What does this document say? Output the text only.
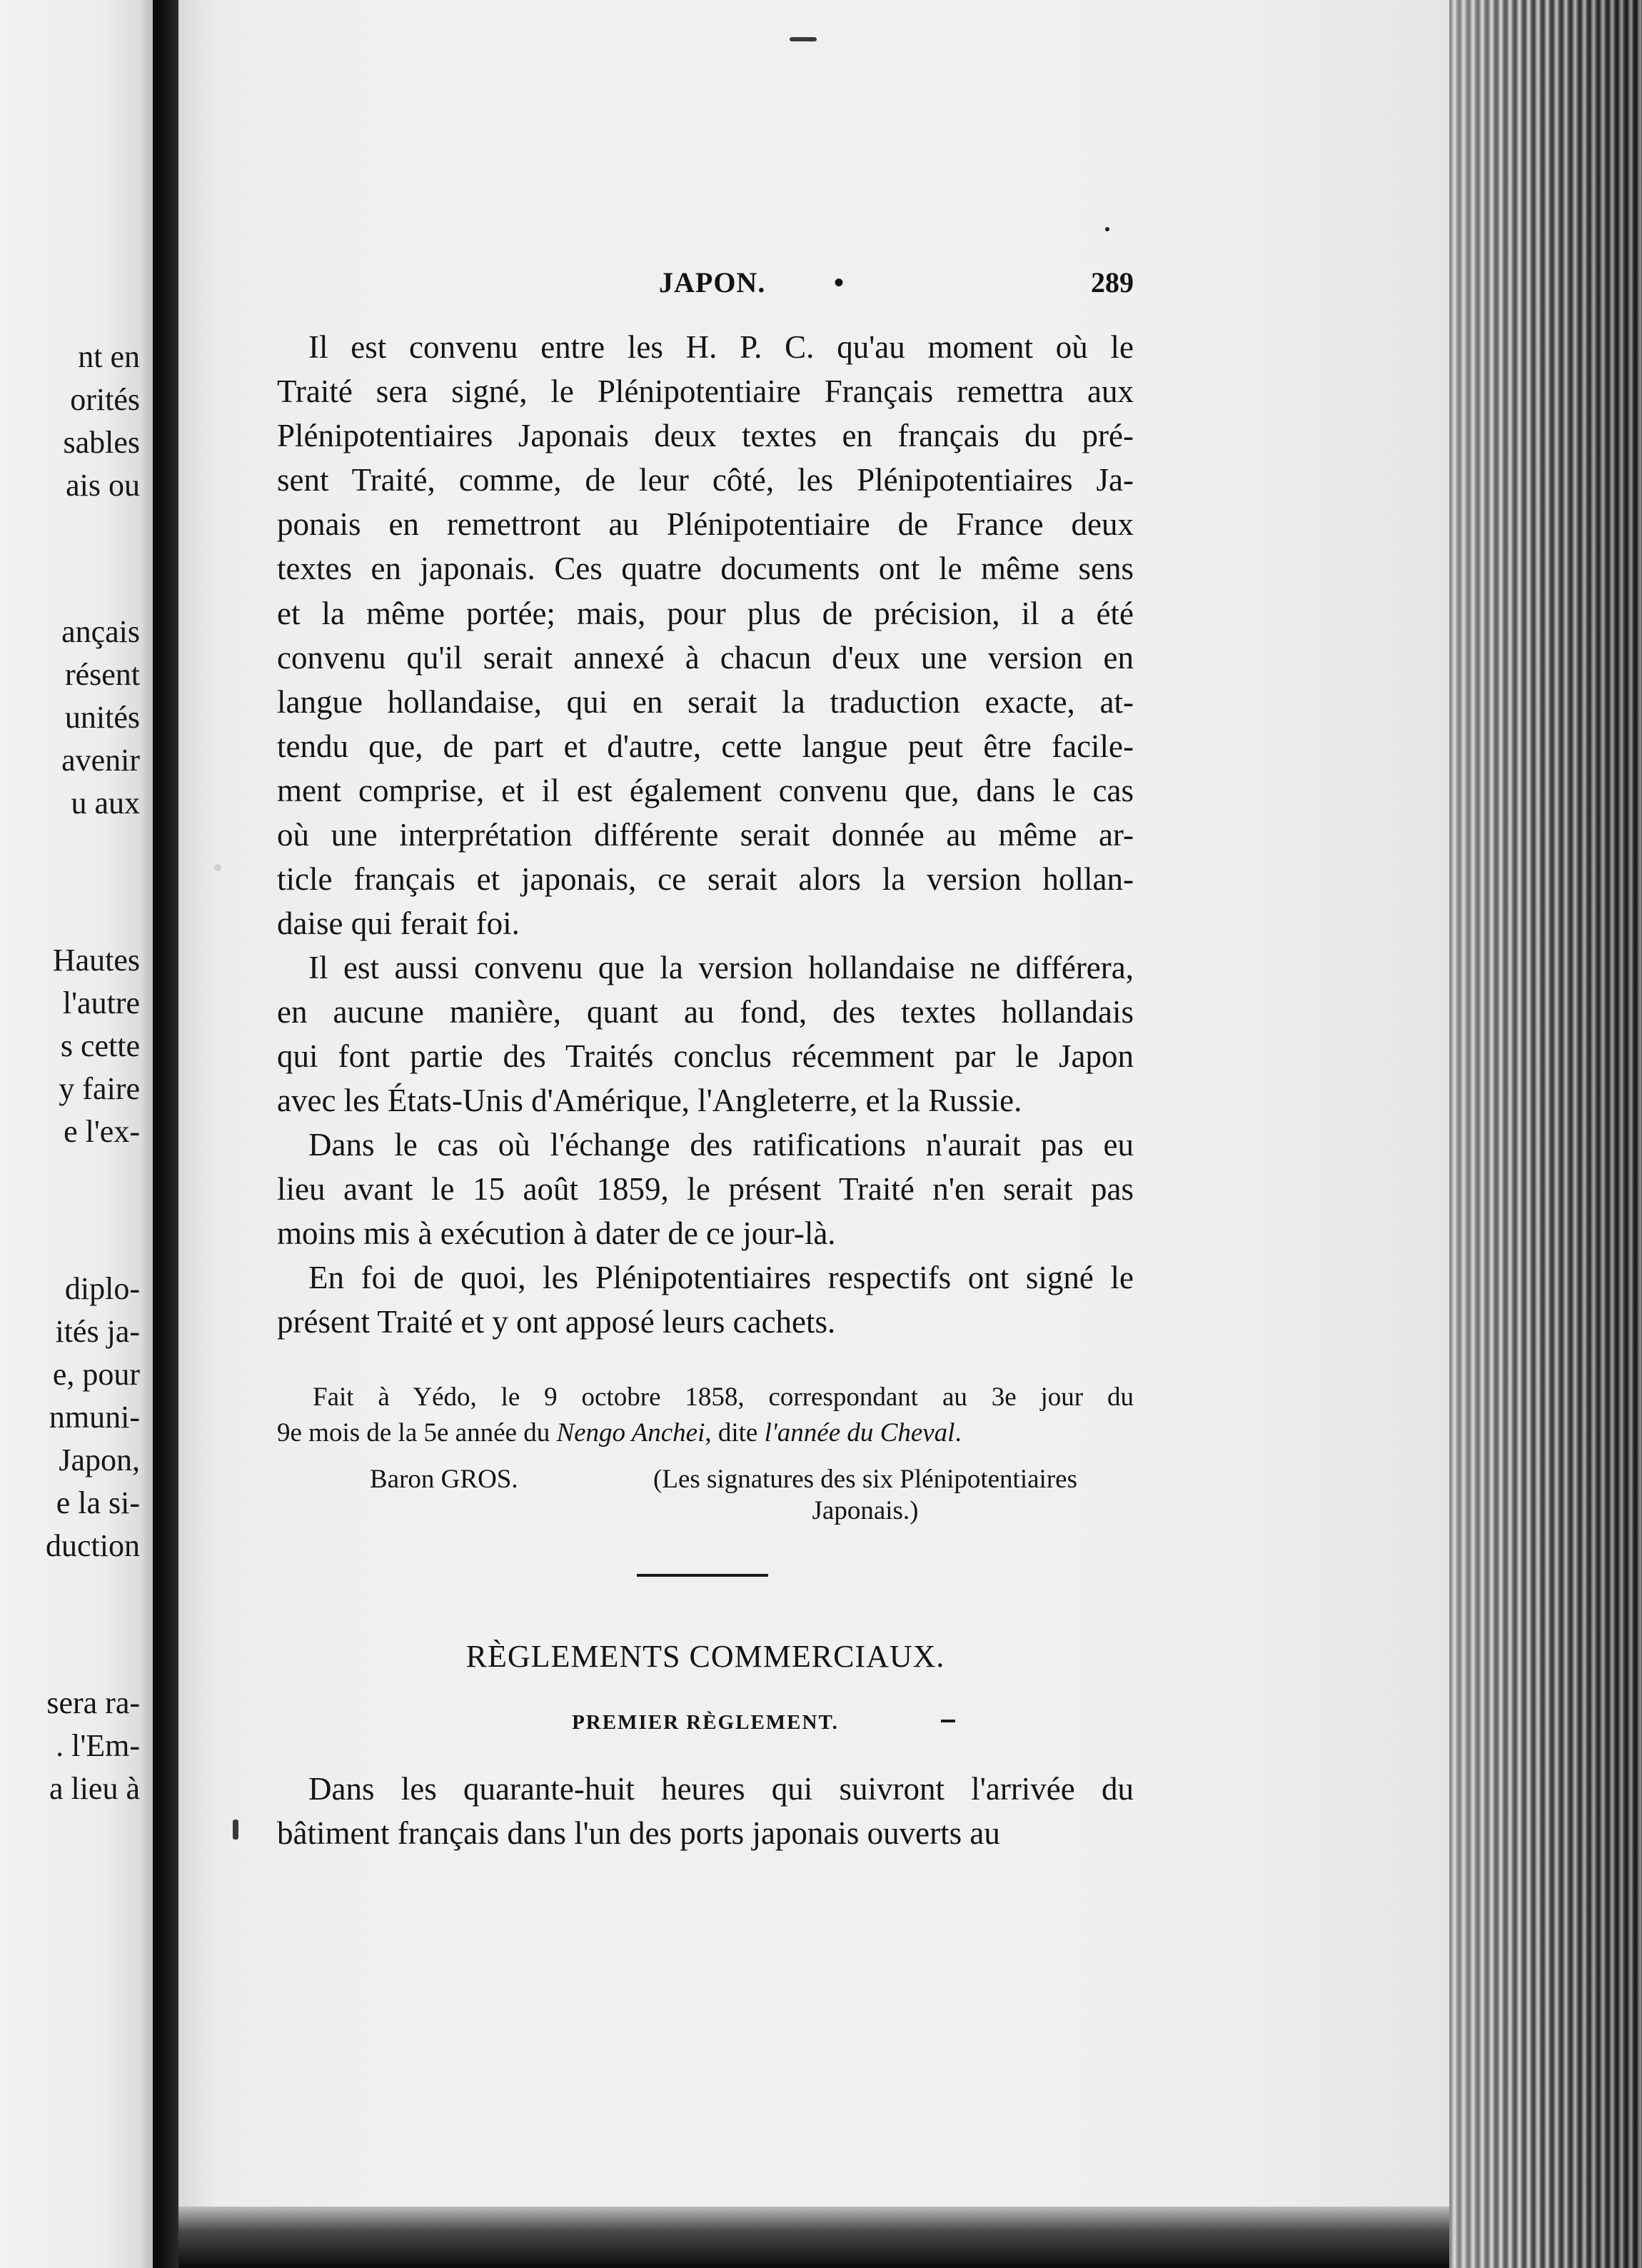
nt en

orités

sables

ais ou

ançais

résent

unités

avenir

u aux

Hautes

l'autre

s cette

y faire

e l'ex-

diplo-

ités ja-

e, pour

nmuni-

Japon,

e la si-

duction

sera ra-

. l'Em-

a lieu à

JAPON. •	289
Il est convenu entre les H. P. C. qu'au moment où le
Traité sera signé, le Plénipotentiaire Français remettra aux
Plénipotentiaires Japonais deux textes en français du pré-
sent Traité, comme, de leur côté, les Plénipotentiaires Ja-
ponais en remettront au Plénipotentiaire de France deux
textes en japonais. Ces quatre documents ont le même sens
et la même portée; mais, pour plus de précision, il a été
convenu qu'il serait annexé à chacun d'eux une version en
langue hollandaise, qui en serait la traduction exacte, at-
tendu que, de part et d'autre, cette langue peut être facile-
ment comprise, et il est également convenu que, dans le cas
où une interprétation différente serait donnée au même ar-
ticle français et japonais, ce serait alors la version hollan-
daise qui ferait foi.
Il est aussi convenu que la version hollandaise ne différera,
en aucune manière, quant au fond, des textes hollandais
qui font partie des Traités conclus récemment par le Japon
avec les États-Unis d'Amérique, l'Angleterre, et la Russie.
Dans le cas où l'échange des ratifications n'aurait pas eu
lieu avant le 15 août 1859, le présent Traité n'en serait pas
moins mis à exécution à dater de ce jour-là.
En foi de quoi, les Plénipotentiaires respectifs ont signé le
présent Traité et y ont apposé leurs cachets.
Fait à Yédo, le 9 octobre 1858, correspondant au 3e jour du
9e mois de la 5e année du Nengo Anchei, dite l'année du Cheval.
Baron GROS.	(Les signatures des six Plénipotentiaires Japonais.)
RÈGLEMENTS COMMERCIAUX.
PREMIER RÈGLEMENT.
Dans les quarante-huit heures qui suivront l'arrivée du
bâtiment français dans l'un des ports japonais ouverts au
